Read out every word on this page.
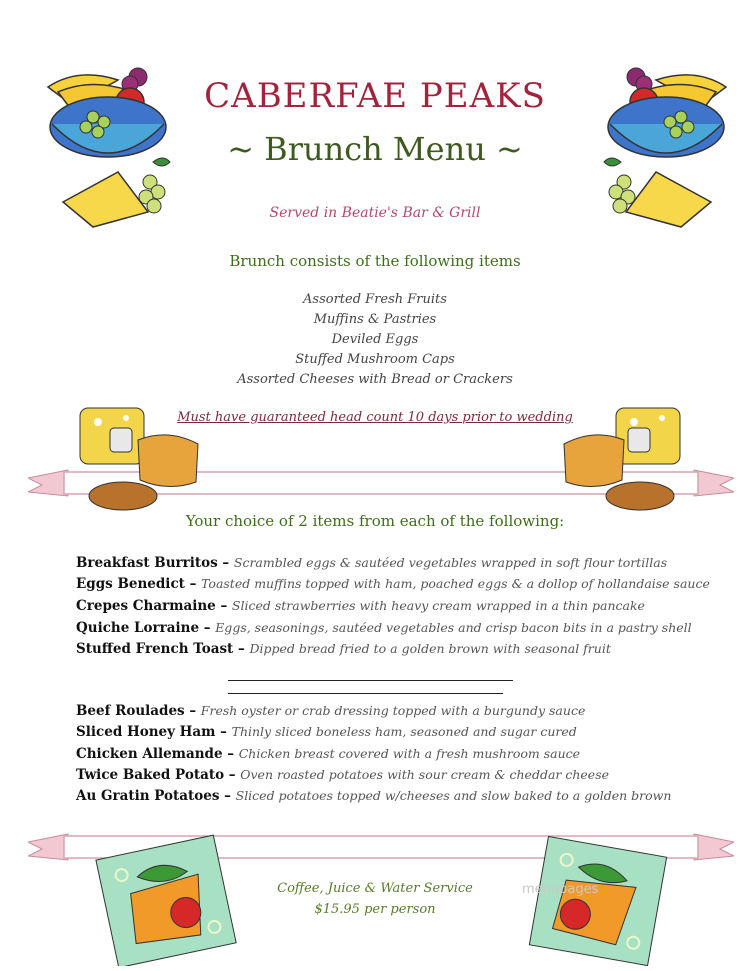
CABERFAE PEAKS
~ Brunch Menu ~
Served in Beatie's Bar & Grill
Brunch consists of the following items
Assorted Fresh Fruits
Muffins & Pastries
Deviled Eggs
Stuffed Mushroom Caps
Assorted Cheeses with Bread or Crackers
Must have guaranteed head count 10 days prior to wedding
Your choice of 2 items from each of the following:
Breakfast Burritos – Scrambled eggs & sautéed vegetables wrapped in soft flour tortillas
Eggs Benedict – Toasted muffins topped with ham, poached eggs & a dollop of hollandaise sauce
Crepes Charmaine – Sliced strawberries with heavy cream wrapped in a thin pancake
Quiche Lorraine – Eggs, seasonings, sautéed vegetables and crisp bacon bits in a pastry shell
Stuffed French Toast – Dipped bread fried to a golden brown with seasonal fruit
Beef Roulades – Fresh oyster or crab dressing topped with a burgundy sauce
Sliced Honey Ham – Thinly sliced boneless ham, seasoned and sugar cured
Chicken Allemande – Chicken breast covered with a fresh mushroom sauce
Twice Baked Potato – Oven roasted potatoes with sour cream & cheddar cheese
Au Gratin Potatoes – Sliced potatoes topped w/cheeses and slow baked to a golden brown
Coffee, Juice & Water Service
$15.95 per person
menupages
